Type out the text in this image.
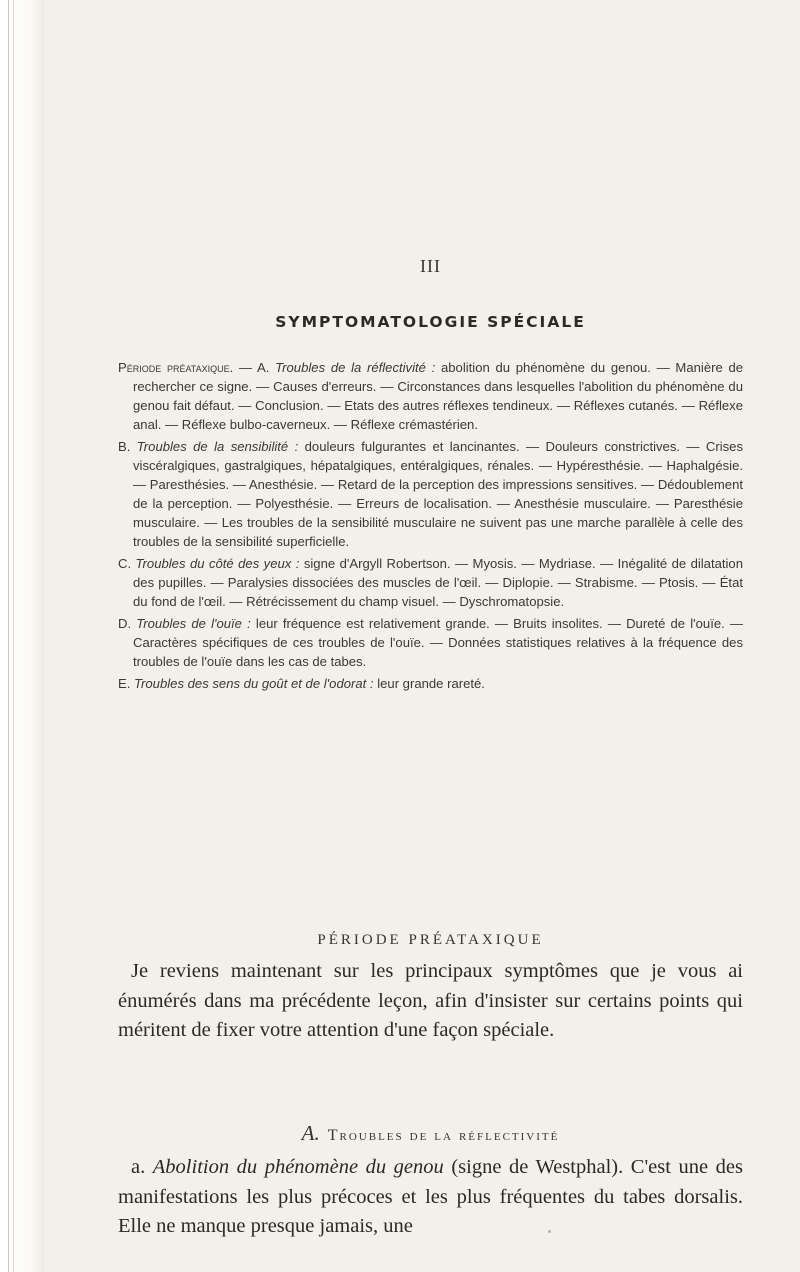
III
SYMPTOMATOLOGIE SPÉCIALE

Période préataxique. — A. Troubles de la réflectivité : abolition du phénomène du genou. — Manière de rechercher ce signe. — Causes d'erreurs. — Circonstances dans lesquelles l'abolition du phénomène du genou fait défaut. — Conclusion. — Etats des autres réflexes tendineux. — Réflexes cutanés. — Réflexe anal. — Réflexe bulbo-caverneux. — Réflexe crémastérien.

B. Troubles de la sensibilité : douleurs fulgurantes et lancinantes. — Douleurs constrictives. — Crises viscéralgiques, gastralgiques, hépatalgiques, entéralgiques, rénales. — Hypéresthésie. — Haphalgésie. — Paresthésies. — Anesthésie. — Retard de la perception des impressions sensitives. — Dédoublement de la perception. — Polyesthésie. — Erreurs de localisation. — Anesthésie musculaire. — Paresthésie musculaire. — Les troubles de la sensibilité musculaire ne suivent pas une marche parallèle à celle des troubles de la sensibilité superficielle.

C. Troubles du côté des yeux : signe d'Argyll Robertson. — Myosis. — Mydriase. — Inégalité de dilatation des pupilles. — Paralysies dissociées des muscles de l'œil. — Diplopie. — Strabisme. — Ptosis. — État du fond de l'œil. — Rétrécissement du champ visuel. — Dyschromatopsie.

D. Troubles de l'ouïe : leur fréquence est relativement grande. — Bruits insolites. — Dureté de l'ouïe. — Caractères spécifiques de ces troubles de l'ouïe. — Données statistiques relatives à la fréquence des troubles de l'ouïe dans les cas de tabes.

E. Troubles des sens du goût et de l'odorat : leur grande rareté.

PÉRIODE PRÉATAXIQUE

Je reviens maintenant sur les principaux symptômes que je vous ai énumérés dans ma précédente leçon, afin d'insister sur certains points qui méritent de fixer votre attention d'une façon spéciale.

A. Troubles de la réflectivité

a. Abolition du phénomène du genou (signe de Westphal). C'est une des manifestations les plus précoces et les plus fréquentes du tabes dorsalis. Elle ne manque presque jamais, une
